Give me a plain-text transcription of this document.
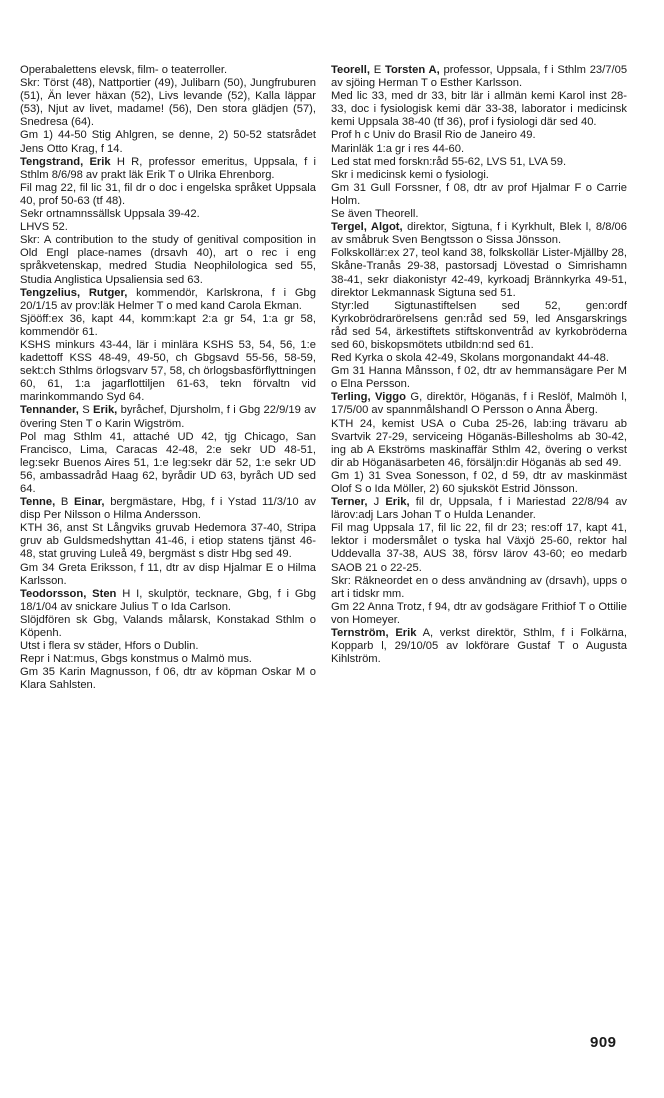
Operabalettens elevsk, film- o teaterroller.

Skr: Törst (48), Nattportier (49), Julibarn (50), Jungfruburen (51), Än lever häxan (52), Livs levande (52), Kalla läppar (53), Njut av livet, madame! (56), Den stora glädjen (57), Snedresa (64).

Gm 1) 44-50 Stig Ahlgren, se denne, 2) 50-52 statsrådet Jens Otto Krag, f 14.

Tengstrand, Erik H R, professor emeritus, Uppsala, f i Sthlm 8/6/98 av prakt läk Erik T o Ulrika Ehrenborg.

Fil mag 22, fil lic 31, fil dr o doc i engelska språket Uppsala 40, prof 50-63 (tf 48).

Sekr ortnamnssällsk Uppsala 39-42.

LHVS 52.

Skr: A contribution to the study of genitival composition in Old Engl place-names (drsavh 40), art o rec i eng språkvetenskap, medred Studia Neophilologica sed 55, Studia Anglistica Upsaliensia sed 63.

Tengzelius, Rutger, kommendör, Karlskrona, f i Gbg 20/1/15 av prov:läk Helmer T o med kand Carola Ekman.

Sjööff:ex 36, kapt 44, komm:kapt 2:a gr 54, 1:a gr 58, kommendör 61.

KSHS minkurs 43-44, lär i minlära KSHS 53, 54, 56, 1:e kadettoff KSS 48-49, 49-50, ch Gbgsavd 55-56, 58-59, sekt:ch Sthlms örlogsvarv 57, 58, ch örlogsbasförflyttningen 60, 61, 1:a jagarflottiljen 61-63, tekn förvaltn vid marinkommando Syd 64.

Tennander, S Erik, byråchef, Djursholm, f i Gbg 22/9/19 av övering Sten T o Karin Wigström.

Pol mag Sthlm 41, attaché UD 42, tjg Chicago, San Francisco, Lima, Caracas 42-48, 2:e sekr UD 48-51, leg:sekr Buenos Aires 51, 1:e leg:sekr där 52, 1:e sekr UD 56, ambassadråd Haag 62, byrådir UD 63, byråch UD sed 64.

Tenne, B Einar, bergmästare, Hbg, f i Ystad 11/3/10 av disp Per Nilsson o Hilma Andersson.

KTH 36, anst St Långviks gruvab Hedemora 37-40, Stripa gruv ab Guldsmedshyttan 41-46, i etiop statens tjänst 46-48, stat gruving Luleå 49, bergmäst s distr Hbg sed 49.

Gm 34 Greta Eriksson, f 11, dtr av disp Hjalmar E o Hilma Karlsson.

Teodorsson, Sten H I, skulptör, tecknare, Gbg, f i Gbg 18/1/04 av snickare Julius T o Ida Carlson.

Slöjdfören sk Gbg, Valands målarsk, Konstakad Sthlm o Köpenh.

Utst i flera sv städer, Hfors o Dublin.

Repr i Nat:mus, Gbgs konstmus o Malmö mus.

Gm 35 Karin Magnusson, f 06, dtr av köpman Oskar M o Klara Sahlsten.

Teorell, E Torsten A, professor, Uppsala, f i Sthlm 23/7/05 av sjöing Herman T o Esther Karlsson.

Med lic 33, med dr 33, bitr lär i allmän kemi Karol inst 28-33, doc i fysiologisk kemi där 33-38, laborator i medicinsk kemi Uppsala 38-40 (tf 36), prof i fysiologi där sed 40.

Prof h c Univ do Brasil Rio de Janeiro 49.

Marinläk 1:a gr i res 44-60.

Led stat med forskn:råd 55-62, LVS 51, LVA 59.

Skr i medicinsk kemi o fysiologi.

Gm 31 Gull Forssner, f 08, dtr av prof Hjalmar F o Carrie Holm.

Se även Theorell.

Tergel, Algot, direktor, Sigtuna, f i Kyrkhult, Blek l, 8/8/06 av småbruk Sven Bengtsson o Sissa Jönsson.

Folkskollär:ex 27, teol kand 38, folkskollär Lister-Mjällby 28, Skåne-Tranås 29-38, pastorsadj Lövestad o Simrishamn 38-41, sekr diakonistyr 42-49, kyrkoadj Brännkyrka 49-51, direktor Lekmannask Sigtuna sed 51.

Styr:led Sigtunastiftelsen sed 52, gen:ordf Kyrkobrödrarörelsens gen:råd sed 59, led Ansgarskrings råd sed 54, ärkestiftets stiftskonventråd av kyrkobröderna sed 60, biskopsmötets utbildn:nd sed 61.

Red Kyrka o skola 42-49, Skolans morgonandakt 44-48.

Gm 31 Hanna Månsson, f 02, dtr av hemmansägare Per M o Elna Persson.

Terling, Viggo G, direktör, Höganäs, f i Reslöf, Malmöh l, 17/5/00 av spannmålshandl O Persson o Anna Åberg.

KTH 24, kemist USA o Cuba 25-26, lab:ing trävaru ab Svartvik 27-29, serviceing Höganäs-Billesholms ab 30-42, ing ab A Ekströms maskinaffär Sthlm 42, övering o verkst dir ab Höganäsarbeten 46, försäljn:dir Höganäs ab sed 49.

Gm 1) 31 Svea Sonesson, f 02, d 59, dtr av maskinmäst Olof S o Ida Möller, 2) 60 sjuksköt Estrid Jönsson.

Terner, J Erik, fil dr, Uppsala, f i Mariestad 22/8/94 av lärov:adj Lars Johan T o Hulda Lenander.

Fil mag Uppsala 17, fil lic 22, fil dr 23; res:off 17, kapt 41, lektor i modersmålet o tyska hal Växjö 25-60, rektor hal Uddevalla 37-38, AUS 38, försv lärov 43-60; eo medarb SAOB 21 o 22-25.

Skr: Räkneordet en o dess användning av (drsavh), upps o art i tidskr mm.

Gm 22 Anna Trotz, f 94, dtr av godsägare Frithiof T o Ottilie von Homeyer.

Ternström, Erik A, verkst direktör, Sthlm, f i Folkärna, Kopparb l, 29/10/05 av lokförare Gustaf T o Augusta Kihlström.

909
